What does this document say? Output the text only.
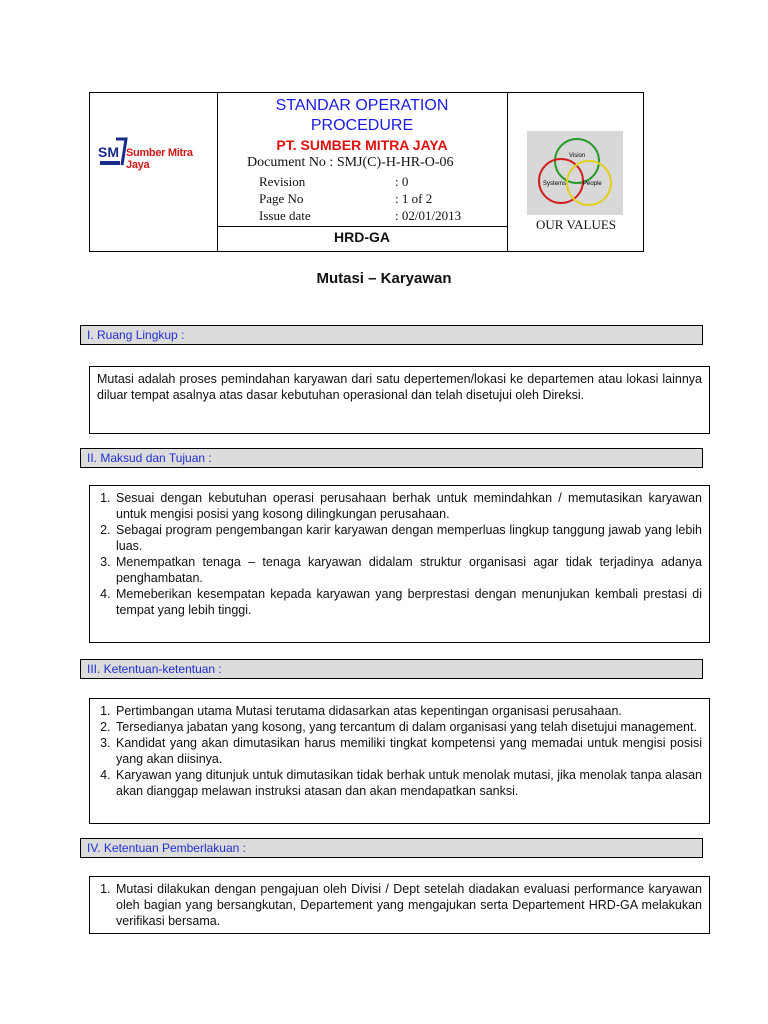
SM Sumber Mitra Jaya
STANDAR OPERATION
PROCEDURE
PT. SUMBER MITRA JAYA
Document No : SMJ(C)-H-HR-O-06
Revision	: 0
Page No	: 1 of 2
Issue date	: 02/01/2013
HRD-GA
Vision
Systems	People
OUR VALUES
Mutasi – Karyawan
I. Ruang Lingkup :

Mutasi adalah proses pemindahan karyawan dari satu depertemen/lokasi ke departemen atau lokasi lainnya diluar tempat asalnya atas dasar kebutuhan operasional dan telah disetujui oleh Direksi.

II. Maksud dan Tujuan :
1. Sesuai dengan kebutuhan operasi perusahaan berhak untuk memindahkan / memutasikan karyawan untuk mengisi posisi yang kosong dilingkungan perusahaan.
2. Sebagai program pengembangan karir karyawan dengan memperluas lingkup tanggung jawab yang lebih luas.
3. Menempatkan tenaga – tenaga karyawan didalam struktur organisasi agar tidak terjadinya adanya penghambatan.
4. Memeberikan kesempatan kepada karyawan yang berprestasi dengan menunjukan kembali prestasi di tempat yang lebih tinggi.
III. Ketentuan-ketentuan :
1. Pertimbangan utama Mutasi terutama didasarkan atas kepentingan organisasi perusahaan.
2. Tersedianya jabatan yang kosong, yang tercantum di dalam organisasi yang telah disetujui management.
3. Kandidat yang akan dimutasikan harus memiliki tingkat kompetensi yang memadai untuk mengisi posisi yang akan diisinya.
4. Karyawan yang ditunjuk untuk dimutasikan tidak berhak untuk menolak mutasi, jika menolak tanpa alasan akan dianggap melawan instruksi atasan dan akan mendapatkan sanksi.
IV. Ketentuan Pemberlakuan :
1. Mutasi dilakukan dengan pengajuan oleh Divisi / Dept setelah diadakan evaluasi performance karyawan oleh bagian yang bersangkutan, Departement yang mengajukan serta Departement HRD-GA melakukan verifikasi bersama.
